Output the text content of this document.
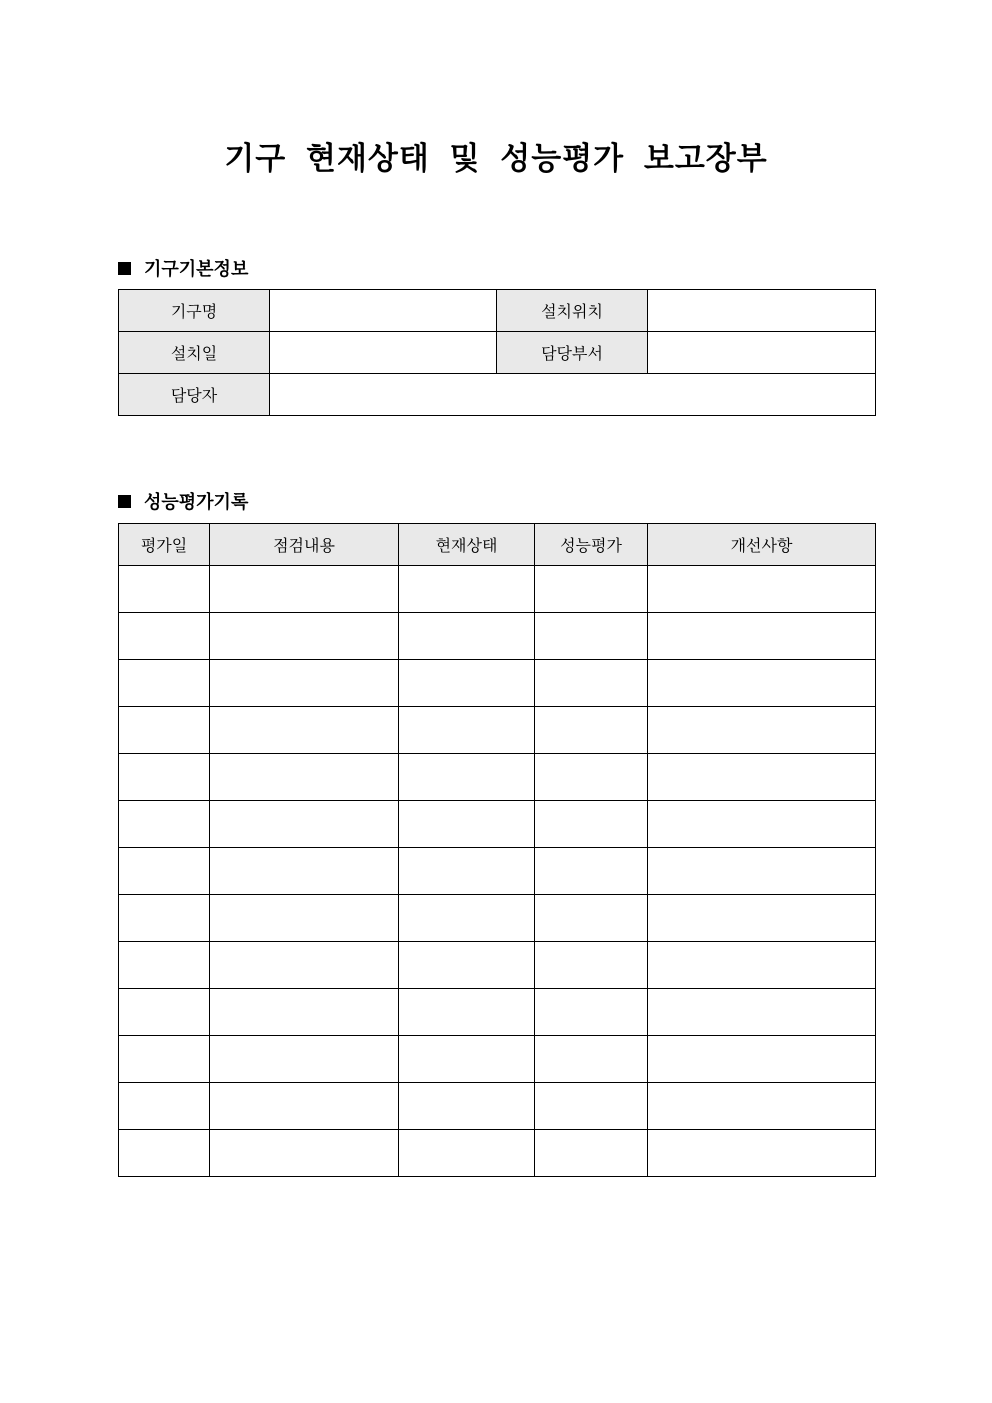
기구 현재상태 및 성능평가 보고장부
기구기본정보
기구명		설치위치	
설치일		담당부서	
담당자			
성능평가기록
평가일	점검내용	현재상태	성능평가	개선사항
